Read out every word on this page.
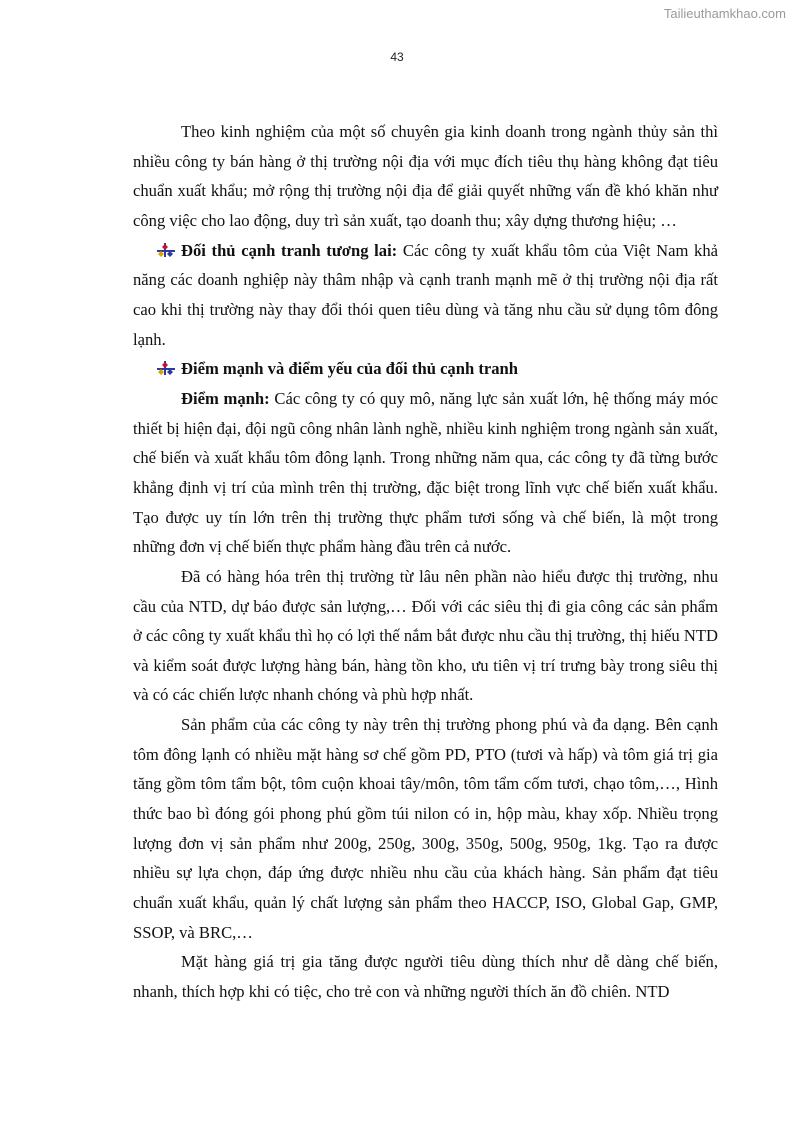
Tailieuthamkhao.com
43

Theo kinh nghiệm của một số chuyên gia kinh doanh trong ngành thủy sản thì nhiều công ty bán hàng ở thị trường nội địa với mục đích tiêu thụ hàng không đạt tiêu chuẩn xuất khẩu; mở rộng thị trường nội địa để giải quyết những vấn đề khó khăn như công việc cho lao động, duy trì sản xuất, tạo doanh thu; xây dựng thương hiệu; …

Đối thủ cạnh tranh tương lai: Các công ty xuất khẩu tôm của Việt Nam khả năng các doanh nghiệp này thâm nhập và cạnh tranh mạnh mẽ ở thị trường nội địa rất cao khi thị trường này thay đổi thói quen tiêu dùng và tăng nhu cầu sử dụng tôm đông lạnh.

Điểm mạnh và điểm yếu của đối thủ cạnh tranh

Điểm mạnh: Các công ty có quy mô, năng lực sản xuất lớn, hệ thống máy móc thiết bị hiện đại, đội ngũ công nhân lành nghề, nhiều kinh nghiệm trong ngành sản xuất, chế biến và xuất khẩu tôm đông lạnh. Trong những năm qua, các công ty đã từng bước khẳng định vị trí của mình trên thị trường, đặc biệt trong lĩnh vực chế biến xuất khẩu. Tạo được uy tín lớn trên thị trường thực phẩm tươi sống và chế biến, là một trong những đơn vị chế biến thực phẩm hàng đầu trên cả nước.

Đã có hàng hóa trên thị trường từ lâu nên phần nào hiểu được thị trường, nhu cầu của NTD, dự báo được sản lượng,… Đối với các siêu thị đi gia công các sản phẩm ở các công ty xuất khẩu thì họ có lợi thế nắm bắt được nhu cầu thị trường, thị hiếu NTD và kiểm soát được lượng hàng bán, hàng tồn kho, ưu tiên vị trí trưng bày trong siêu thị và có các chiến lược nhanh chóng và phù hợp nhất.

Sản phẩm của các công ty này trên thị trường phong phú và đa dạng. Bên cạnh tôm đông lạnh có nhiều mặt hàng sơ chế gồm PD, PTO (tươi và hấp) và tôm giá trị gia tăng gồm tôm tẩm bột, tôm cuộn khoai tây/môn, tôm tẩm cốm tươi, chạo tôm,…, Hình thức bao bì đóng gói phong phú gồm túi nilon có in, hộp màu, khay xốp. Nhiều trọng lượng đơn vị sản phẩm như 200g, 250g, 300g, 350g, 500g, 950g, 1kg. Tạo ra được nhiều sự lựa chọn, đáp ứng được nhiều nhu cầu của khách hàng. Sản phẩm đạt tiêu chuẩn xuất khẩu, quản lý chất lượng sản phẩm theo HACCP, ISO, Global Gap, GMP, SSOP, và BRC,…

Mặt hàng giá trị gia tăng được người tiêu dùng thích như dễ dàng chế biến, nhanh, thích hợp khi có tiệc, cho trẻ con và những người thích ăn đồ chiên. NTD
